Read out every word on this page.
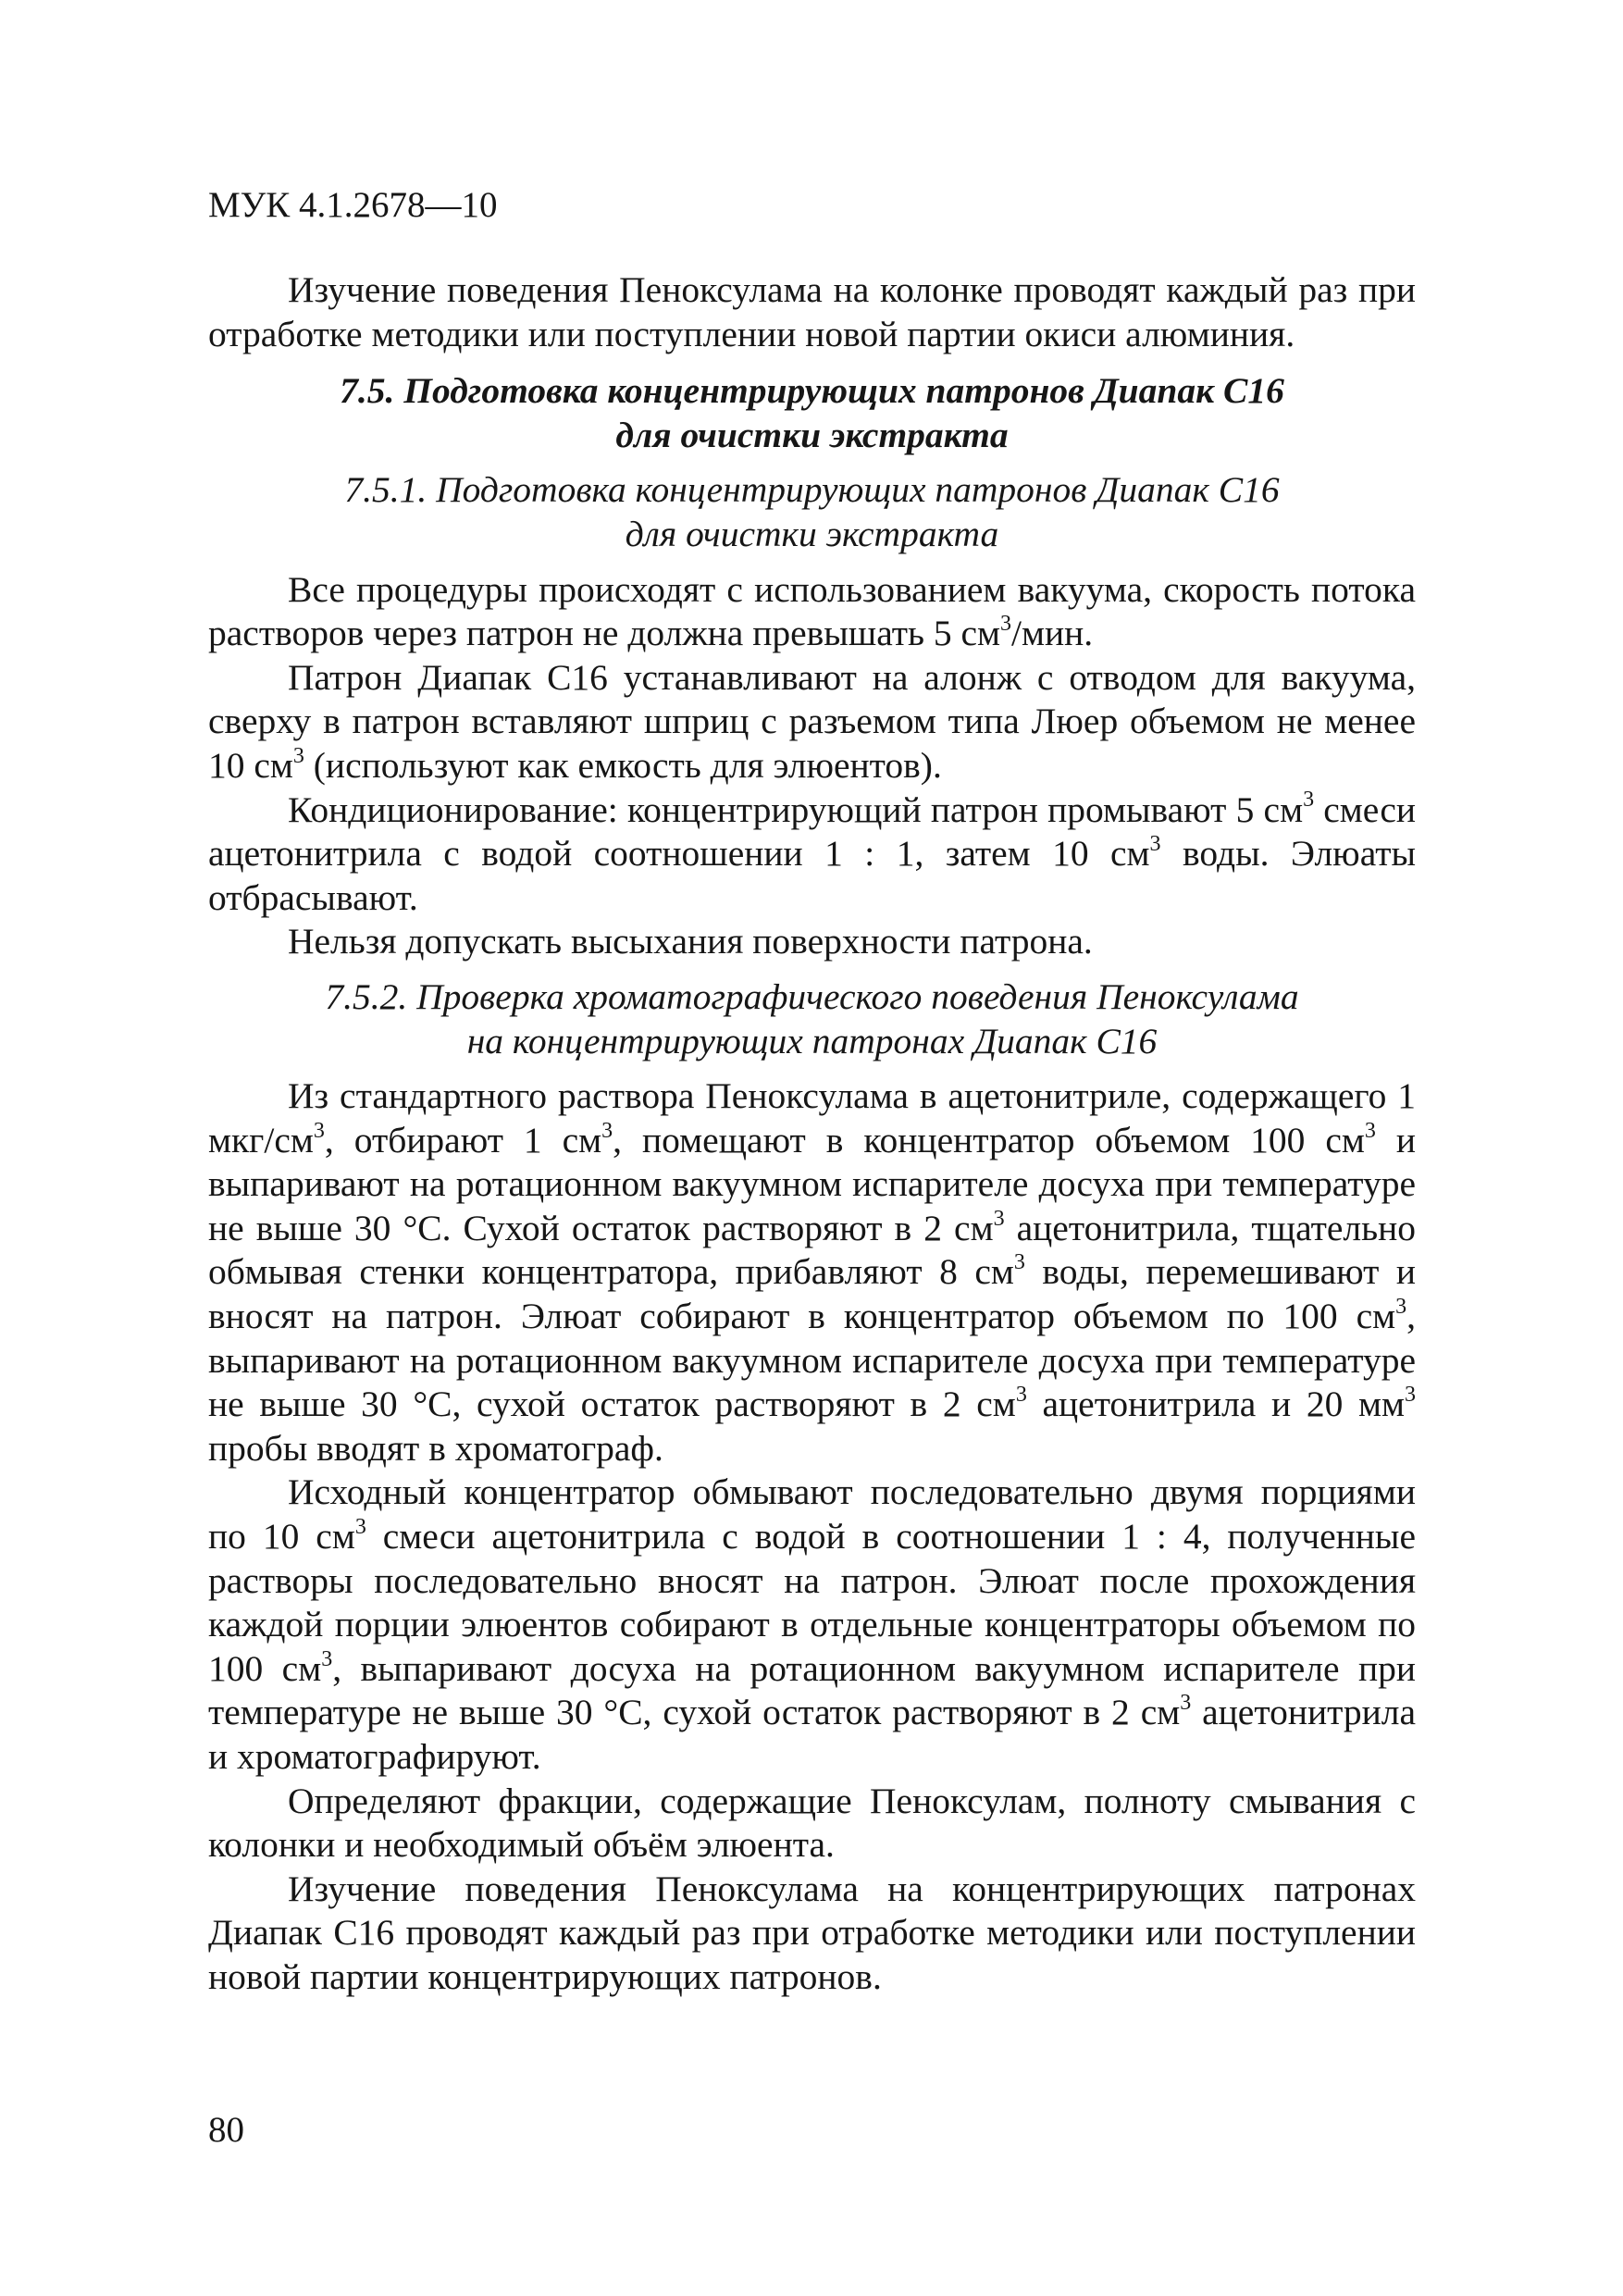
МУК 4.1.2678—10

Изучение поведения Пеноксулама на колонке проводят каждый раз при отработке методики или поступлении новой партии окиси алюминия.

7.5. Подготовка концентрирующих патронов Диапак С16
для очистки экстракта
7.5.1. Подготовка концентрирующих патронов Диапак С16
для очистки экстракта

Все процедуры происходят с использованием вакуума, скорость потока растворов через патрон не должна превышать 5 $см^3$/мин.

Патрон Диапак С16 устанавливают на алонж с отводом для вакуума, сверху в патрон вставляют шприц с разъемом типа Люер объемом не менее 10 $см^3$ (используют как емкость для элюентов).

Кондиционирование: концентрирующий патрон промывают 5 $см^3$ смеси ацетонитрила с водой соотношении 1 : 1, затем 10 $см^3$ воды. Элюаты отбрасывают.

Нельзя допускать высыхания поверхности патрона.

7.5.2. Проверка хроматографического поведения Пеноксулама
на концентрирующих патронах Диапак С16

Из стандартного раствора Пеноксулама в ацетонитриле, содержащего 1 мкг/$см^3$, отбирают 1 $см^3$, помещают в концентратор объемом 100 $см^3$ и выпаривают на ротационном вакуумном испарителе досуха при температуре не выше 30 °С. Сухой остаток растворяют в 2 $см^3$ ацетонитрила, тщательно обмывая стенки концентратора, прибавляют 8 $см^3$ воды, перемешивают и вносят на патрон. Элюат собирают в концентратор объемом по 100 $см^3$, выпаривают на ротационном вакуумном испарителе досуха при температуре не выше 30 °С, сухой остаток растворяют в 2 $см^3$ ацетонитрила и 20 $мм^3$ пробы вводят в хроматограф.

Исходный концентратор обмывают последовательно двумя порциями по 10 $см^3$ смеси ацетонитрила с водой в соотношении 1 : 4, полученные растворы последовательно вносят на патрон. Элюат после прохождения каждой порции элюентов собирают в отдельные концентраторы объемом по 100 $см^3$, выпаривают досуха на ротационном вакуумном испарителе при температуре не выше 30 °С, сухой остаток растворяют в 2 $см^3$ ацетонитрила и хроматографируют.

Определяют фракции, содержащие Пеноксулам, полноту смывания с колонки и необходимый объём элюента.

Изучение поведения Пеноксулама на концентрирующих патронах Диапак С16 проводят каждый раз при отработке методики или поступлении новой партии концентрирующих патронов.

80
